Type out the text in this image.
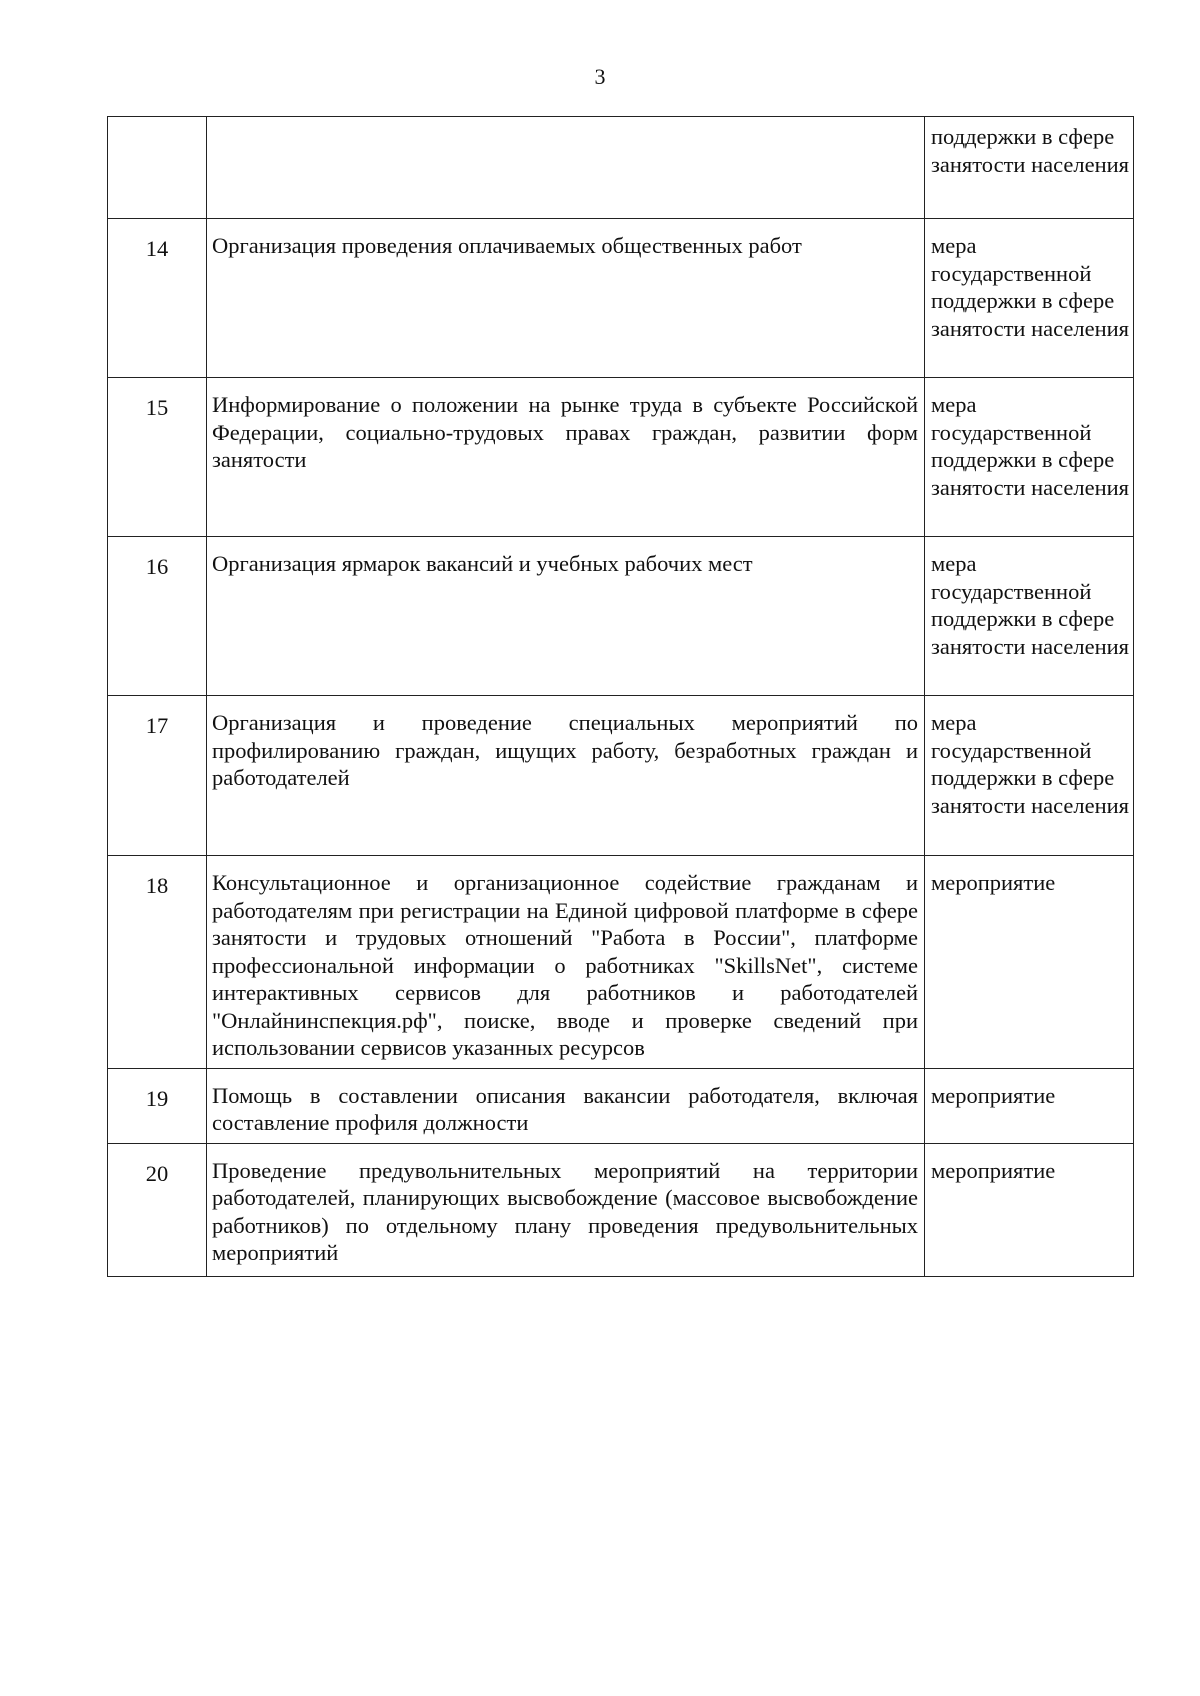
3
		поддержки в сфере занятости населения
14	Организация проведения оплачиваемых общественных работ	мера государственной поддержки в сфере занятости населения
15	Информирование о положении на рынке труда в субъекте Российской Федерации, социально-трудовых правах граждан, развитии форм занятости	мера государственной поддержки в сфере занятости населения
16	Организация ярмарок вакансий и учебных рабочих мест	мера государственной поддержки в сфере занятости населения
17	Организация и проведение специальных мероприятий по профилированию граждан, ищущих работу, безработных граждан и работодателей	мера государственной поддержки в сфере занятости населения
18	Консультационное и организационное содействие гражданам и работодателям при регистрации на Единой цифровой платформе в сфере занятости и трудовых отношений "Работа в России", платформе профессиональной информации о работниках "SkillsNet", системе интерактивных сервисов для работников и работодателей "Онлайнинспекция.рф", поиске, вводе и проверке сведений при использовании сервисов указанных ресурсов	мероприятие
19	Помощь в составлении описания вакансии работодателя, включая составление профиля должности	мероприятие
20	Проведение предувольнительных мероприятий на территории работодателей, планирующих высвобождение (массовое высвобождение работников) по отдельному плану проведения предувольнительных мероприятий	мероприятие
